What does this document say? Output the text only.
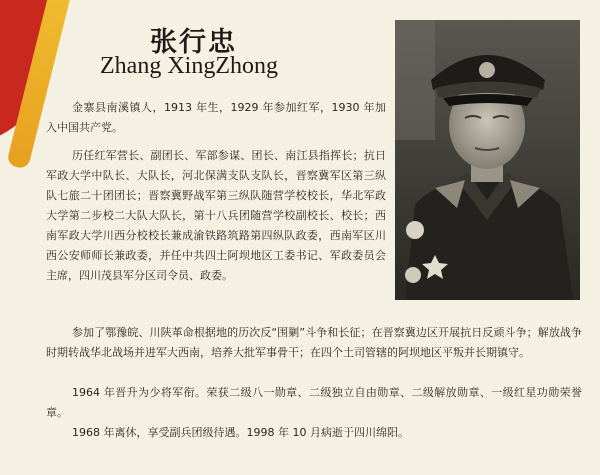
张行忠
Zhang XingZhong

金寨县南溪镇人，1913 年生，1929 年参加红军，1930 年加入中国共产党。

历任红军营长、副团长、军部参谋、团长、南江县指挥长；抗日军政大学中队长、大队长，河北保满支队支队长，晋察冀军区第三纵队七旅二十团团长；晋察冀野战军第三纵队随营学校校长，华北军政大学第二步校二大队大队长，第十八兵团随营学校副校长、校长；西南军政大学川西分校校长兼成渝铁路筑路第四纵队政委，西南军区川西公安师师长兼政委，并任中共四土阿坝地区工委书记、军政委员会主席，四川茂县军分区司令员、政委。

参加了鄂豫皖、川陕革命根据地的历次反“围剿”斗争和长征；在晋察冀边区开展抗日反顽斗争；解放战争时期转战华北战场并进军大西南，培养大批军事骨干；在四个土司管辖的阿坝地区平叛并长期镇守。

1964 年晋升为少将军衔。荣获二级八一勋章、二级独立自由勋章、二级解放勋章、一级红星功勋荣誉章。

1968 年离休，享受副兵团级待遇。1998 年 10 月病逝于四川绵阳。
